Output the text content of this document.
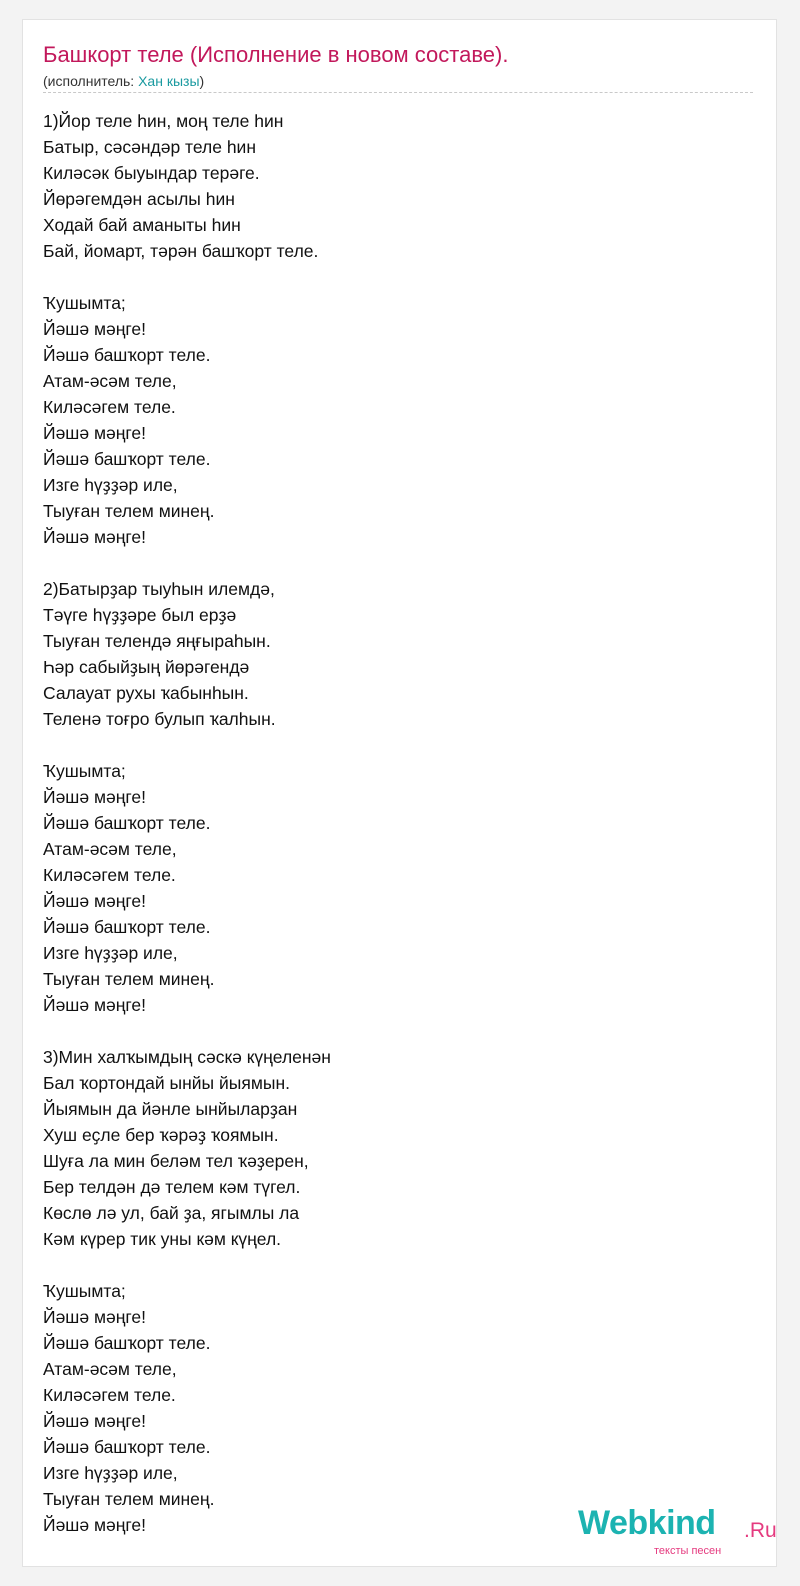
Башкорт теле (Исполнение в новом составе).
(исполнитель: Хан кызы)
1)Йор теле һин, моң теле һин
Батыр, сәсәндәр теле һин
Киләсәк быуындар терәге.
Йөрәгемдән асылы һин
Ходай бай аманыты һин
Бай, йомарт, тәрән башҡорт теле.

Ҡушымта;
Йәшә мәңге!
Йәшә башҡорт теле.
Атам-әсәм теле,
Киләсәгем теле.
Йәшә мәңге!
Йәшә башҡорт теле.
Изге һүҙҙәр иле,
Тыуған телем минең.
Йәшә мәңге!

2)Батырҙар тыуһын илемдә,
Тәүге һүҙҙәре был ерҙә
Тыуған телендә яңғыраһын.
Һәр сабыйҙың йөрәгендә
Салауат рухы ҡабынһын.
Теленә тоғро булып ҡалһын.

Ҡушымта;
Йәшә мәңге!
Йәшә башҡорт теле.
Атам-әсәм теле,
Киләсәгем теле.
Йәшә мәңге!
Йәшә башҡорт теле.
Изге һүҙҙәр иле,
Тыуған телем минең.
Йәшә мәңге!

3)Мин халҡымдың сәскә күңеленән
Бал ҡортондай ынйы йыямын.
Йыямын да йәнле ынйыларҙан
Хуш еҫле бер ҡәрәҙ ҡоямын.
Шуға ла мин беләм тел ҡәҙерен,
Бер телдән дә телем кәм түгел.
Көслө лә ул, бай ҙа, ягымлы ла
Кәм күрер тик уны кәм күңел.

Ҡушымта;
Йәшә мәңге!
Йәшә башҡорт теле.
Атам-әсәм теле,
Киләсәгем теле.
Йәшә мәңге!
Йәшә башҡорт теле.
Изге һүҙҙәр иле,
Тыуған телем минең.
Йәшә мәңге!	Webkind .Ru
тексты песен
